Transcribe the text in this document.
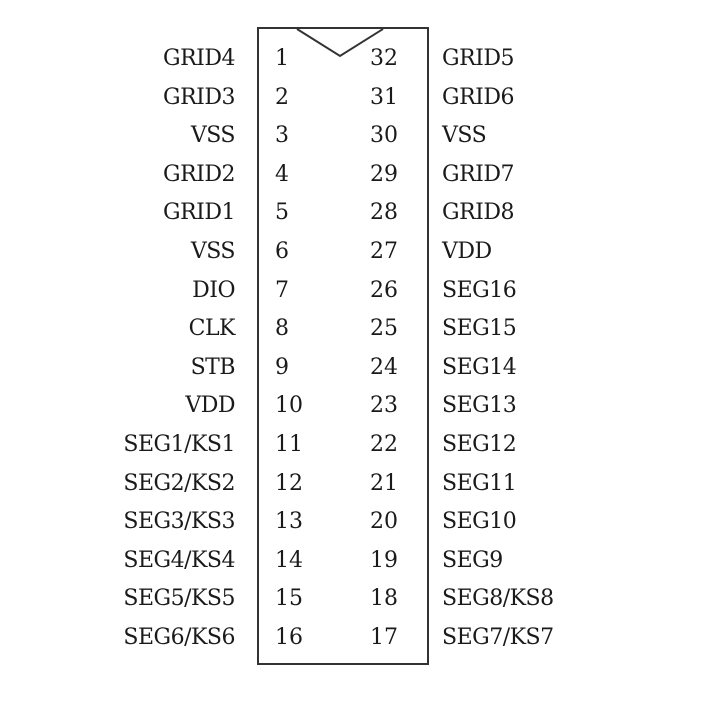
GRID4 1	32 GRID5
GRID3 2	31 GRID6
VSS 3	30 VSS
GRID2 4	29 GRID7
GRID1 5	28 GRID8
VSS 6	27 VDD
DIO 7	26 SEG16
CLK 8	25 SEG15
STB 9	24 SEG14
VDD 10	23 SEG13
SEG1/KS1 11	22 SEG12
SEG2/KS2 12	21 SEG11
SEG3/KS3 13	20 SEG10
SEG4/KS4 14	19 SEG9
SEG5/KS5 15	18 SEG8/KS8
SEG6/KS6 16	17 SEG7/KS7
